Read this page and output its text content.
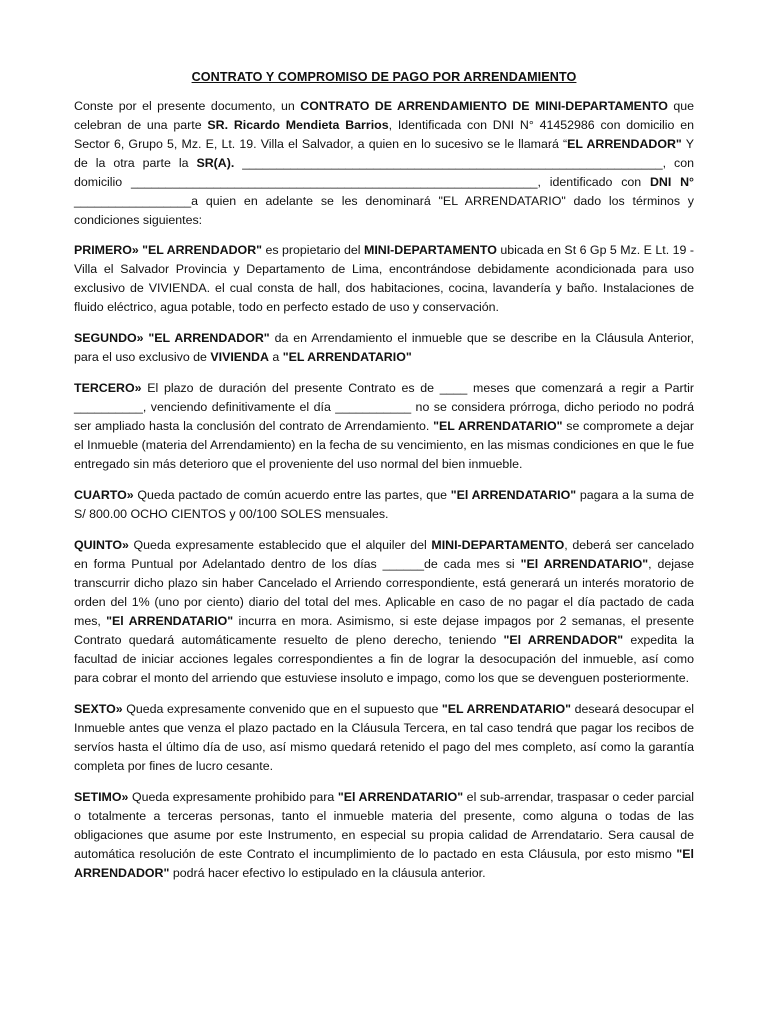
CONTRATO Y COMPROMISO DE PAGO POR ARRENDAMIENTO

Conste por el presente documento, un CONTRATO DE ARRENDAMIENTO DE MINI-DEPARTAMENTO que celebran de una parte SR. Ricardo Mendieta Barrios, Identificada con DNI N° 41452986 con domicilio en Sector 6, Grupo 5, Mz. E, Lt. 19. Villa el Salvador, a quien en lo sucesivo se le llamará “EL ARRENDADOR" Y de la otra parte la SR(A). _____________________________________________________________, con domicilio ___________________________________________________________, identificado con DNI N° _________________a quien en adelante se les denominará "EL ARRENDATARIO" dado los términos y condiciones siguientes:

PRIMERO» "EL ARRENDADOR" es propietario del MINI-DEPARTAMENTO ubicada en St 6 Gp 5 Mz. E Lt. 19 - Villa el Salvador Provincia y Departamento de Lima, encontrándose debidamente acondicionada para uso exclusivo de VIVIENDA. el cual consta de hall, dos habitaciones, cocina, lavandería y baño. Instalaciones de fluido eléctrico, agua potable, todo en perfecto estado de uso y conservación.

SEGUNDO» "EL ARRENDADOR" da en Arrendamiento el inmueble que se describe en la Cláusula Anterior, para el uso exclusivo de VIVIENDA a "EL ARRENDATARIO"

TERCERO» El plazo de duración del presente Contrato es de ____ meses que comenzará a regir a Partir __________, venciendo definitivamente el día ___________ no se considera prórroga, dicho periodo no podrá ser ampliado hasta la conclusión del contrato de Arrendamiento. "EL ARRENDATARIO" se compromete a dejar el Inmueble (materia del Arrendamiento) en la fecha de su vencimiento, en las mismas condiciones en que le fue entregado sin más deterioro que el proveniente del uso normal del bien inmueble.

CUARTO» Queda pactado de común acuerdo entre las partes, que "El ARRENDATARIO" pagara a la suma de S/ 800.00 OCHO CIENTOS y 00/100 SOLES mensuales.

QUINTO» Queda expresamente establecido que el alquiler del MINI-DEPARTAMENTO, deberá ser cancelado en forma Puntual por Adelantado dentro de los días ______de cada mes si "El ARRENDATARIO", dejase transcurrir dicho plazo sin haber Cancelado el Arriendo correspondiente, está generará un interés moratorio de orden del 1% (uno por ciento) diario del total del mes. Aplicable en caso de no pagar el día pactado de cada mes, "El ARRENDATARIO" incurra en mora. Asimismo, si este dejase impagos por 2 semanas, el presente Contrato quedará automáticamente resuelto de pleno derecho, teniendo "El ARRENDADOR" expedita la facultad de iniciar acciones legales correspondientes a fin de lograr la desocupación del inmueble, así como para cobrar el monto del arriendo que estuviese insoluto e impago, como los que se devenguen posteriormente.

SEXTO» Queda expresamente convenido que en el supuesto que "EL ARRENDATARIO" deseará desocupar el Inmueble antes que venza el plazo pactado en la Cláusula Tercera, en tal caso tendrá que pagar los recibos de servíos hasta el último día de uso, así mismo quedará retenido el pago del mes completo, así como la garantía completa por fines de lucro cesante.

SETIMO» Queda expresamente prohibido para "El ARRENDATARIO" el sub-arrendar, traspasar o ceder parcial o totalmente a terceras personas, tanto el inmueble materia del presente, como alguna o todas de las obligaciones que asume por este Instrumento, en especial su propia calidad de Arrendatario. Sera causal de automática resolución de este Contrato el incumplimiento de lo pactado en esta Cláusula, por esto mismo "El ARRENDADOR" podrá hacer efectivo lo estipulado en la cláusula anterior.
